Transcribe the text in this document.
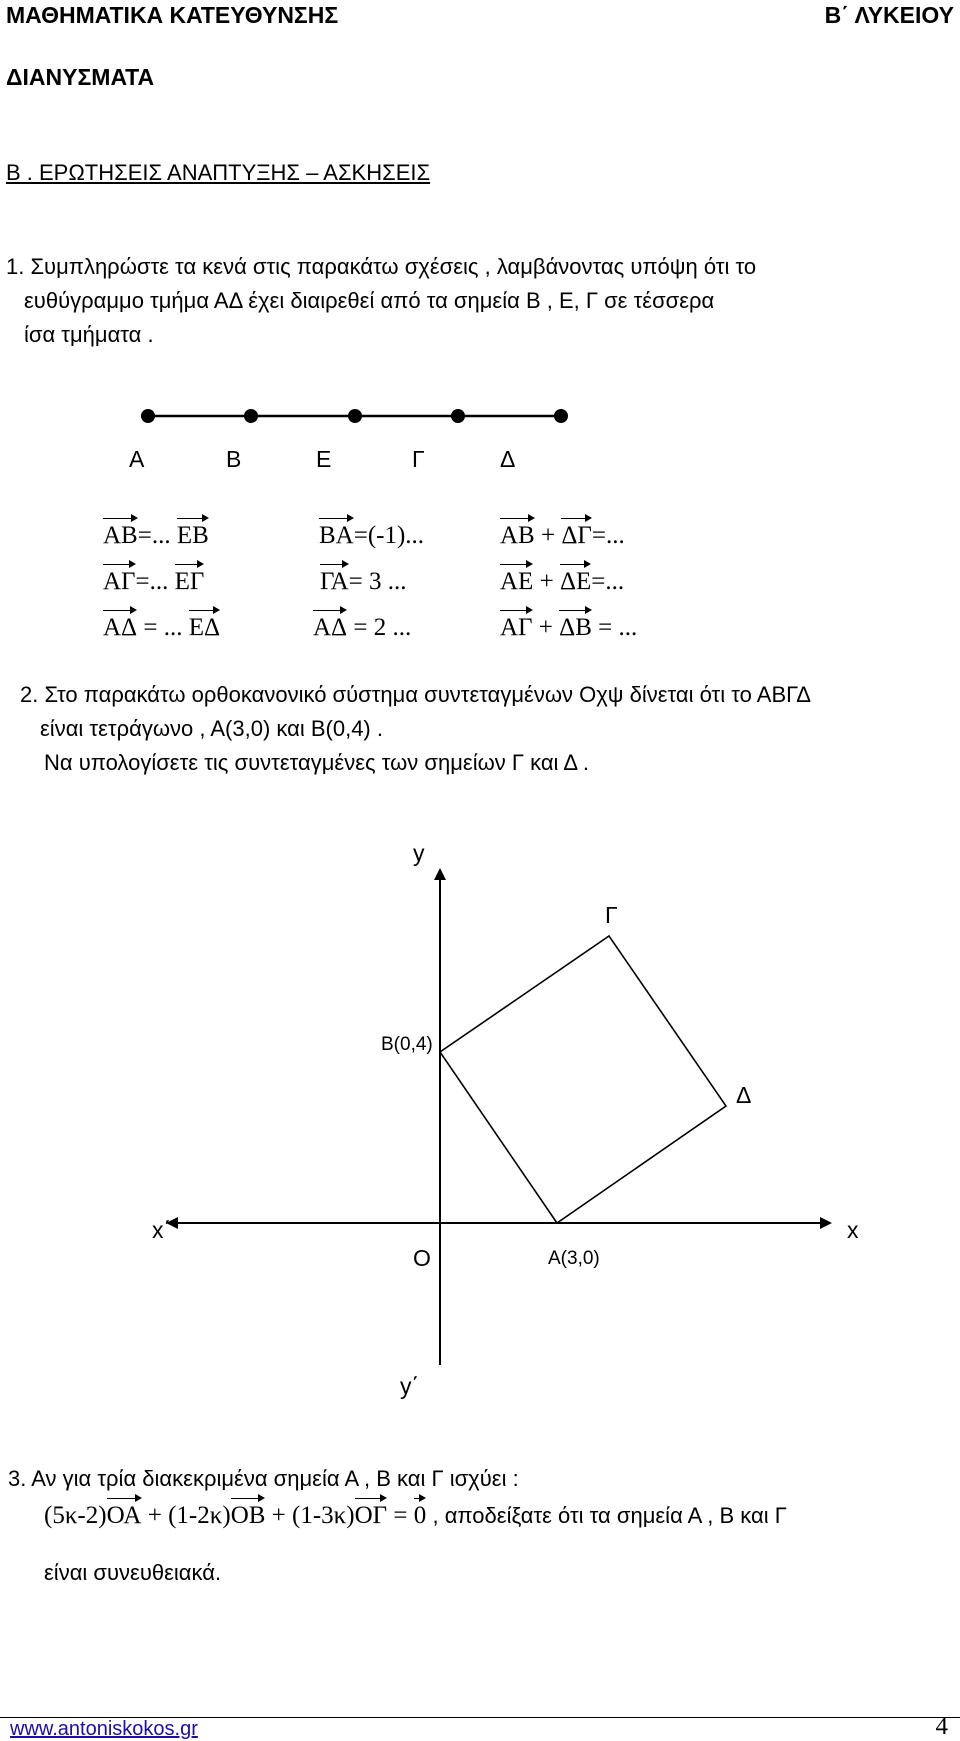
ΜΑΘΗΜΑΤΙΚΑ ΚΑΤΕΥΘΥΝΣΗΣ	Β΄ ΛΥΚΕΙΟΥ
ΔΙΑΝΥΣΜΑΤΑ
Β . ΕΡΩΤΗΣΕΙΣ ΑΝΑΠΤΥΞΗΣ – ΑΣΚΗΣΕΙΣ
1. Συμπληρώστε τα κενά στις παρακάτω σχέσεις , λαμβάνοντας υπόψη ότι το
ευθύγραμμο τμήμα ΑΔ έχει διαιρεθεί από τα σημεία Β , Ε, Γ σε τέσσερα
ίσα τμήματα .
Α	Β	Ε	Γ	Δ
ΑΒ=... ΕΒ	ΒΑ=(-1)...	ΑΒ + ΔΓ=...
ΑΓ=... ΕΓ	ΓΑ= 3 ...	ΑΕ + ΔΕ=...
ΑΔ = ... ΕΔ	ΑΔ = 2 ...	ΑΓ + ΔΒ = ...
2. Στο παρακάτω ορθοκανονικό σύστημα συντεταγμένων Οχψ δίνεται ότι το ΑΒΓΔ
είναι τετράγωνο , Α(3,0) και Β(0,4) .
Να υπολογίσετε τις συντεταγμένες των σημείων Γ και Δ .
y
Γ
Β(0,4)
Δ
x΄	x
O	Α(3,0)
y΄
3. Αν για τρία διακεκριμένα σημεία Α , Β και Γ ισχύει :
(5κ-2)ΟΑ + (1-2κ)ΟΒ + (1-3κ)ΟΓ = 0 , αποδείξατε ότι τα σημεία Α , Β και Γ
είναι συνευθειακά.
www.antoniskokos.gr	4
